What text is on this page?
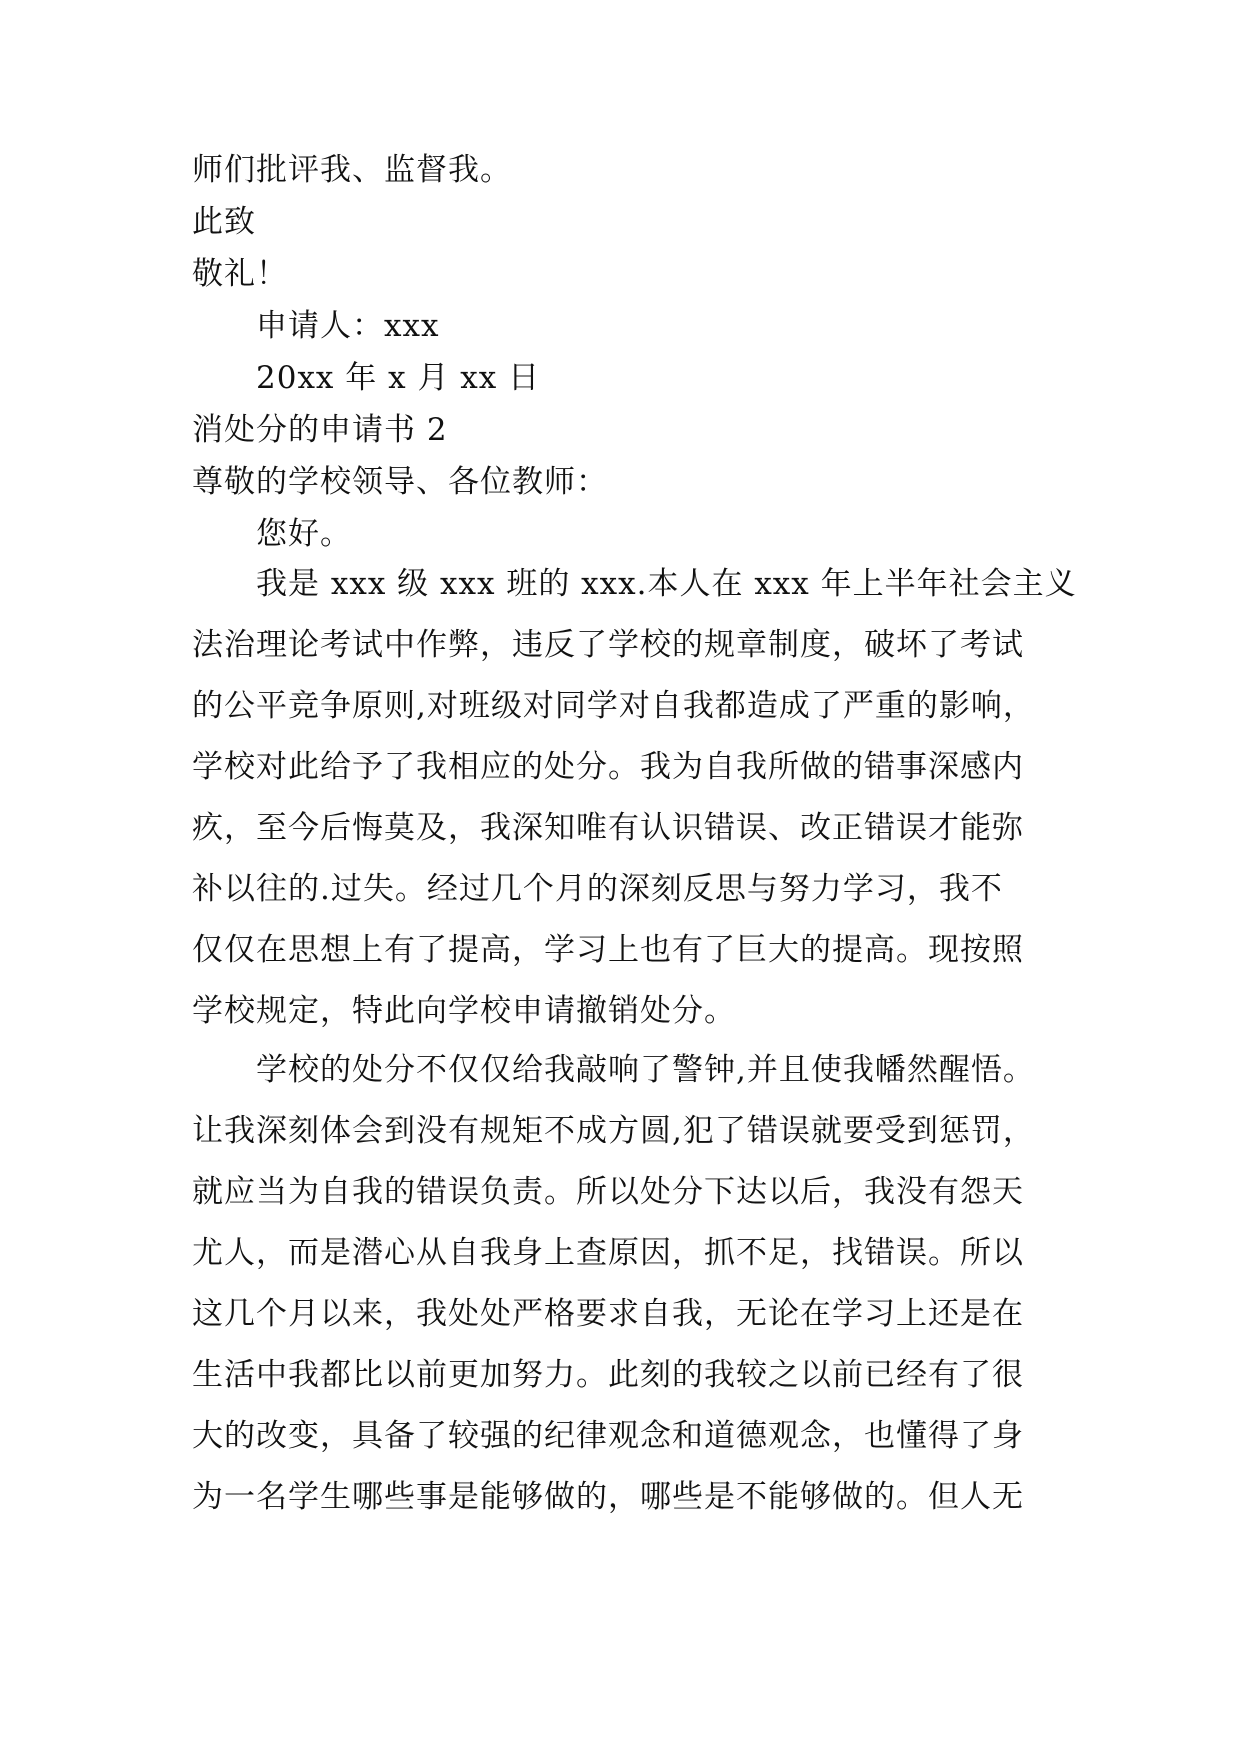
师们批评我、监督我。
此致
敬礼！
申请人：xxx
20xx 年 x 月 xx 日
消处分的申请书 2
尊敬的学校领导、各位教师：
您好。

我是 xxx 级 xxx 班的 xxx.本人在 xxx 年上半年社会主义
法治理论考试中作弊，违反了学校的规章制度，破坏了考试
的公平竞争原则,对班级对同学对自我都造成了严重的影响，
学校对此给予了我相应的处分。我为自我所做的错事深感内
疚，至今后悔莫及，我深知唯有认识错误、改正错误才能弥
补以往的.过失。经过几个月的深刻反思与努力学习，我不
仅仅在思想上有了提高，学习上也有了巨大的提高。现按照
学校规定，特此向学校申请撤销处分。

学校的处分不仅仅给我敲响了警钟,并且使我幡然醒悟。
让我深刻体会到没有规矩不成方圆,犯了错误就要受到惩罚，
就应当为自我的错误负责。所以处分下达以后，我没有怨天
尤人，而是潜心从自我身上查原因，抓不足，找错误。所以
这几个月以来，我处处严格要求自我，无论在学习上还是在
生活中我都比以前更加努力。此刻的我较之以前已经有了很
大的改变，具备了较强的纪律观念和道德观念，也懂得了身
为一名学生哪些事是能够做的，哪些是不能够做的。但人无
